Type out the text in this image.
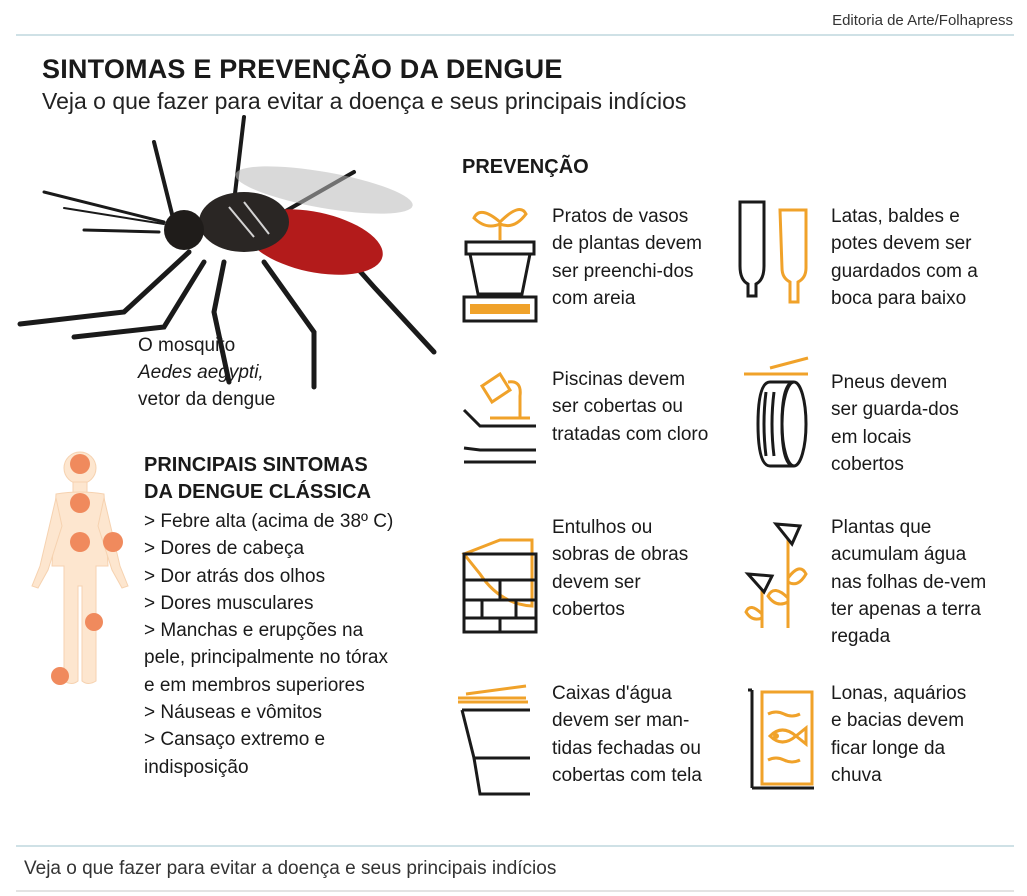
Editoria de Arte/Folhapress
SINTOMAS E PREVENÇÃO DA DENGUE
Veja o que fazer para evitar a doença e seus principais indícios
O mosquito
Aedes aegypti,
vetor da dengue
PRINCIPAIS SINTOMAS
DA DENGUE CLÁSSICA
> Febre alta (acima de 38º C)
> Dores de cabeça
> Dor atrás dos olhos
> Dores musculares
> Manchas e erupções na pele, principalmente no tórax e em membros superiores
> Náuseas e vômitos
> Cansaço extremo e indisposição
PREVENÇÃO
Pratos de vasos de plantas devem ser preenchi-dos com areia
Latas, baldes e potes devem ser guardados com a boca para baixo
Piscinas devem ser cobertas ou tratadas com cloro
Pneus devem ser guarda-dos em locais cobertos
Entulhos ou sobras de obras devem ser cobertos
Plantas que acumulam água nas folhas de-vem ter apenas a terra regada
Caixas d'água devem ser man-tidas fechadas ou cobertas com tela
Lonas, aquários e bacias devem ficar longe da chuva
Veja o que fazer para evitar a doença e seus principais indícios
